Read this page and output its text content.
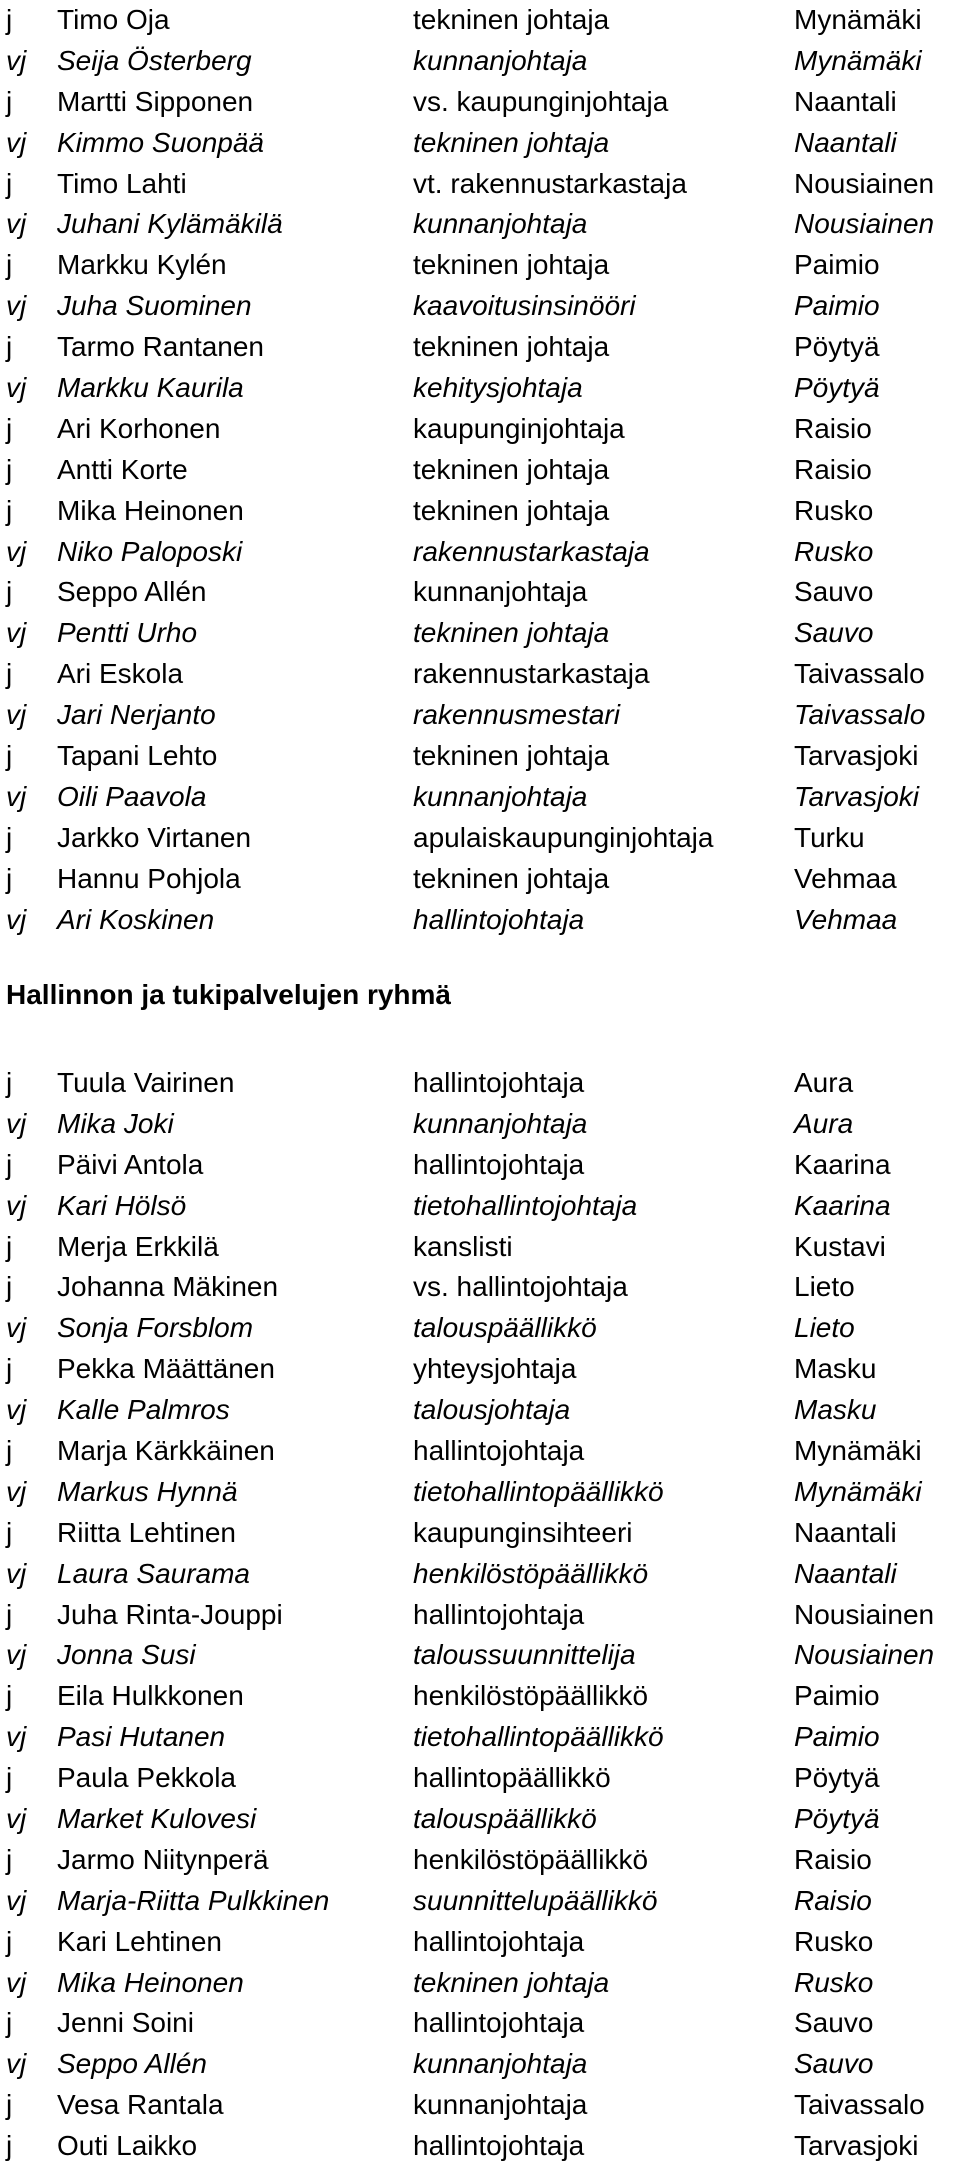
j Timo Oja	tekninen johtaja	Mynämäki
vj Seija Österberg	kunnanjohtaja	Mynämäki
j Martti Sipponen	vs. kaupunginjohtaja	Naantali
vj Kimmo Suonpää	tekninen johtaja	Naantali
j Timo Lahti	vt. rakennustarkastaja	Nousiainen
vj Juhani Kylämäkilä	kunnanjohtaja	Nousiainen
j Markku Kylén	tekninen johtaja	Paimio
vj Juha Suominen	kaavoitusinsinööri	Paimio
j Tarmo Rantanen	tekninen johtaja	Pöytyä
vj Markku Kaurila	kehitysjohtaja	Pöytyä
j Ari Korhonen	kaupunginjohtaja	Raisio
j Antti Korte	tekninen johtaja	Raisio
j Mika Heinonen	tekninen johtaja	Rusko
vj Niko Paloposki	rakennustarkastaja	Rusko
j Seppo Allén	kunnanjohtaja	Sauvo
vj Pentti Urho	tekninen johtaja	Sauvo
j Ari Eskola	rakennustarkastaja	Taivassalo
vj Jari Nerjanto	rakennusmestari	Taivassalo
j Tapani Lehto	tekninen johtaja	Tarvasjoki
vj Oili Paavola	kunnanjohtaja	Tarvasjoki
j Jarkko Virtanen	apulaiskaupunginjohtaja	Turku
j Hannu Pohjola	tekninen johtaja	Vehmaa
vj Ari Koskinen	hallintojohtaja	Vehmaa
Hallinnon ja tukipalvelujen ryhmä
j Tuula Vairinen	hallintojohtaja	Aura
vj Mika Joki	kunnanjohtaja	Aura
j Päivi Antola	hallintojohtaja	Kaarina
vj Kari Hölsö	tietohallintojohtaja	Kaarina
j Merja Erkkilä	kanslisti	Kustavi
j Johanna Mäkinen	vs. hallintojohtaja	Lieto
vj Sonja Forsblom	talouspäällikkö	Lieto
j Pekka Määttänen	yhteysjohtaja	Masku
vj Kalle Palmros	talousjohtaja	Masku
j Marja Kärkkäinen	hallintojohtaja	Mynämäki
vj Markus Hynnä	tietohallintopäällikkö	Mynämäki
j Riitta Lehtinen	kaupunginsihteeri	Naantali
vj Laura Saurama	henkilöstöpäällikkö	Naantali
j Juha Rinta-Jouppi	hallintojohtaja	Nousiainen
vj Jonna Susi	taloussuunnittelija	Nousiainen
j Eila Hulkkonen	henkilöstöpäällikkö	Paimio
vj Pasi Hutanen	tietohallintopäällikkö	Paimio
j Paula Pekkola	hallintopäällikkö	Pöytyä
vj Market Kulovesi	talouspäällikkö	Pöytyä
j Jarmo Niitynperä	henkilöstöpäällikkö	Raisio
vj Marja-Riitta Pulkkinen	suunnittelupäällikkö	Raisio
j Kari Lehtinen	hallintojohtaja	Rusko
vj Mika Heinonen	tekninen johtaja	Rusko
j Jenni Soini	hallintojohtaja	Sauvo
vj Seppo Allén	kunnanjohtaja	Sauvo
j Vesa Rantala	kunnanjohtaja	Taivassalo
j Outi Laikko	hallintojohtaja	Tarvasjoki
